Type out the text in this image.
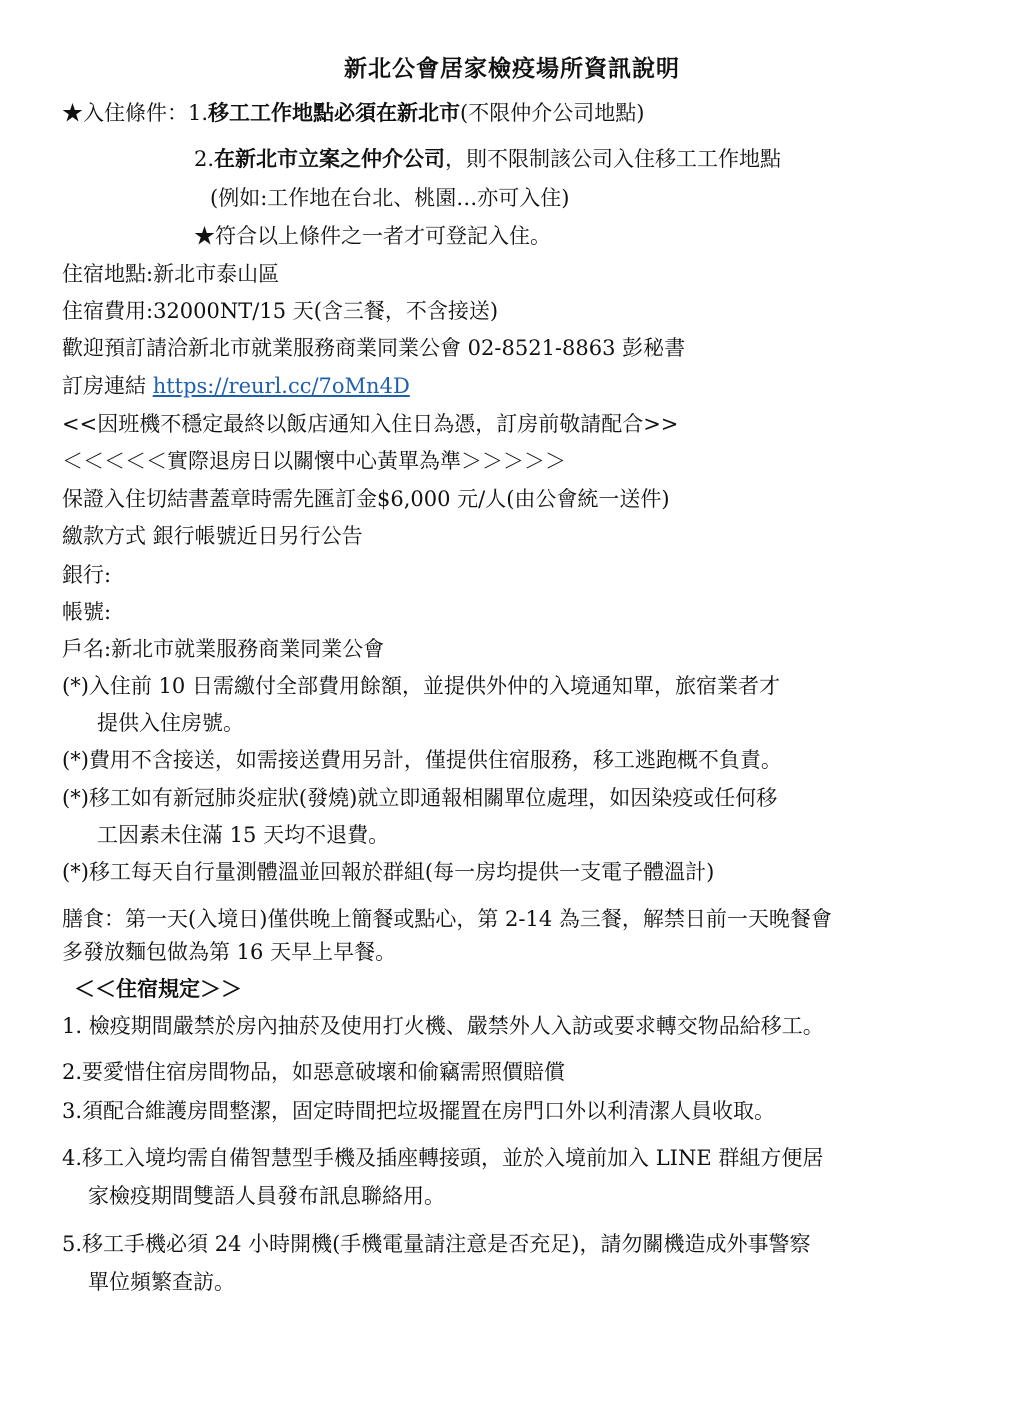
新北公會居家檢疫場所資訊說明
★入住條件：1.移工工作地點必須在新北市(不限仲介公司地點)
2.在新北市立案之仲介公司，則不限制該公司入住移工工作地點
(例如:工作地在台北、桃園…亦可入住)
★符合以上條件之一者才可登記入住。
住宿地點:新北市泰山區
住宿費用:32000NT/15 天(含三餐，不含接送)
歡迎預訂請洽新北市就業服務商業同業公會 02-8521-8863 彭秘書
訂房連結 https://reurl.cc/7oMn4D
<<因班機不穩定最終以飯店通知入住日為憑，訂房前敬請配合>>
＜＜＜＜＜實際退房日以關懷中心黃單為準＞＞＞＞＞
保證入住切結書蓋章時需先匯訂金$6,000 元/人(由公會統一送件)
繳款方式 銀行帳號近日另行公告
銀行:
帳號:
戶名:新北市就業服務商業同業公會
(*)入住前 10 日需繳付全部費用餘額，並提供外仲的入境通知單，旅宿業者才
提供入住房號。
(*)費用不含接送，如需接送費用另計，僅提供住宿服務，移工逃跑概不負責。
(*)移工如有新冠肺炎症狀(發燒)就立即通報相關單位處理，如因染疫或任何移
工因素未住滿 15 天均不退費。
(*)移工每天自行量測體溫並回報於群組(每一房均提供一支電子體溫計)
膳食：第一天(入境日)僅供晚上簡餐或點心，第 2-14 為三餐，解禁日前一天晚餐會
多發放麵包做為第 16 天早上早餐。
＜＜住宿規定＞＞
1. 檢疫期間嚴禁於房內抽菸及使用打火機、嚴禁外人入訪或要求轉交物品給移工。
2.要愛惜住宿房間物品，如惡意破壞和偷竊需照價賠償
3.須配合維護房間整潔，固定時間把垃圾擺置在房門口外以利清潔人員收取。
4.移工入境均需自備智慧型手機及插座轉接頭，並於入境前加入 LINE 群組方便居
家檢疫期間雙語人員發布訊息聯絡用。
5.移工手機必須 24 小時開機(手機電量請注意是否充足)，請勿關機造成外事警察
單位頻繁查訪。
